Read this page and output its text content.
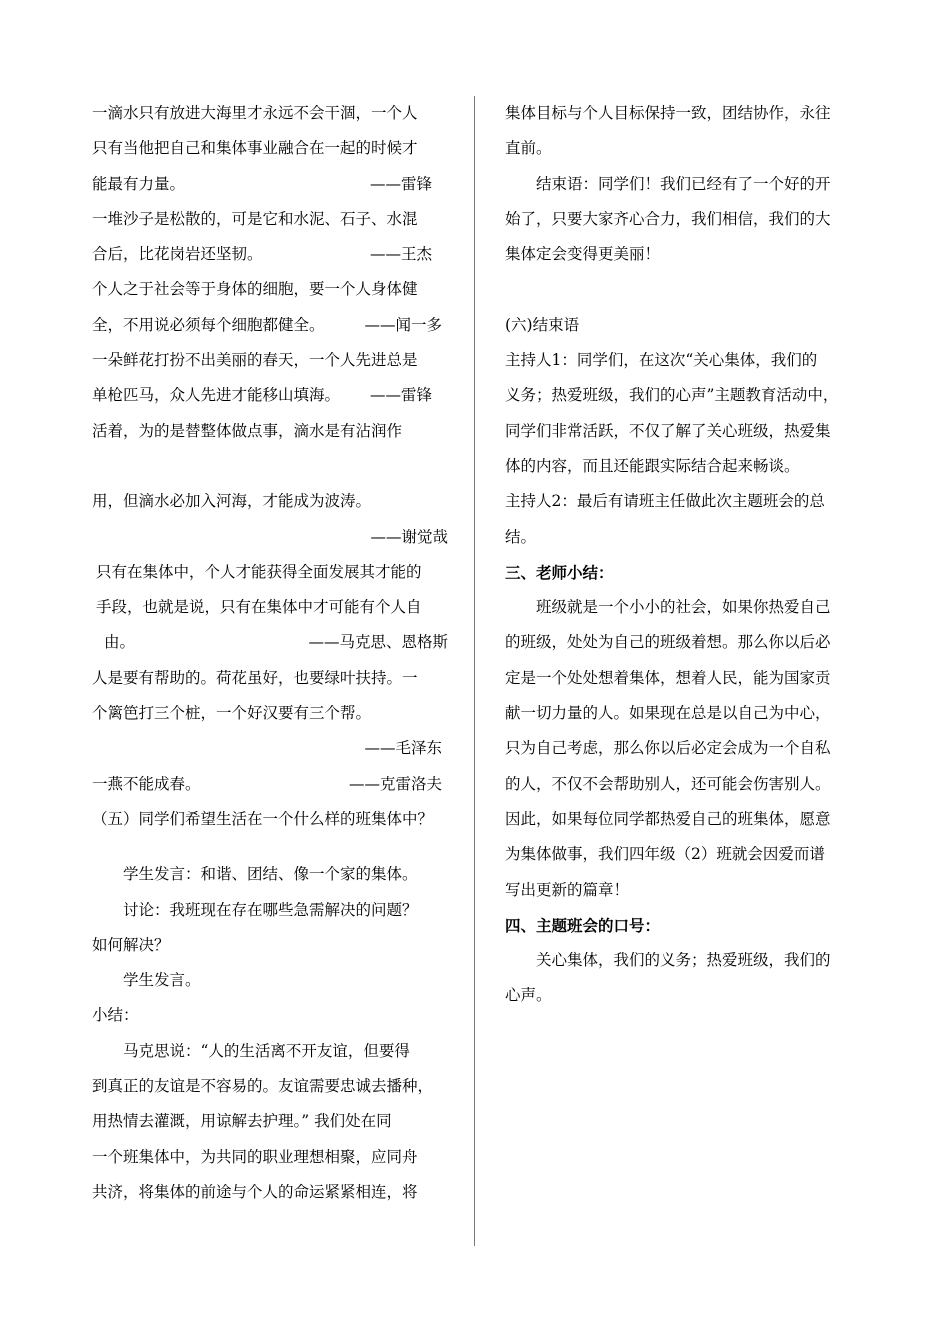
一滴水只有放进大海里才永远不会干涸，一个人
只有当他把自己和集体事业融合在一起的时候才
能最有力量。	——雷锋
一堆沙子是松散的，可是它和水泥、石子、水混
合后，比花岗岩还坚韧。	——王杰
个人之于社会等于身体的细胞，要一个人身体健
全，不用说必须每个细胞都健全。	——闻一多
一朵鲜花打扮不出美丽的春天，一个人先进总是
单枪匹马，众人先进才能移山填海。 ——雷锋
活着，为的是替整体做点事，滴水是有沾润作
用，但滴水必加入河海，才能成为波涛。
——谢觉哉
只有在集体中，个人才能获得全面发展其才能的
手段，也就是说，只有在集体中才可能有个人自
由。	——马克思、恩格斯
人是要有帮助的。荷花虽好，也要绿叶扶持。一
个篱笆打三个桩，一个好汉要有三个帮。
——毛泽东
一燕不能成春。	——克雷洛夫
（五）同学们希望生活在一个什么样的班集体中？
学生发言：和谐、团结、像一个家的集体。
讨论：我班现在存在哪些急需解决的问题？
如何解决？
学生发言。
小结：
马克思说：“人的生活离不开友谊，但要得
到真正的友谊是不容易的。友谊需要忠诚去播种，
用热情去灌溉，用谅解去护理。” 我们处在同
一个班集体中，为共同的职业理想相聚，应同舟
共济，将集体的前途与个人的命运紧紧相连，将
集体目标与个人目标保持一致，团结协作，永往
直前。
结束语：同学们！我们已经有了一个好的开
始了，只要大家齐心合力，我们相信，我们的大
集体定会变得更美丽！
(六)结束语
主持人1：同学们，在这次“关心集体，我们的
义务；热爱班级，我们的心声”主题教育活动中，
同学们非常活跃，不仅了解了关心班级，热爱集
体的内容，而且还能跟实际结合起来畅谈。
主持人2：最后有请班主任做此次主题班会的总
结。
三、老师小结：
班级就是一个小小的社会，如果你热爱自己
的班级，处处为自己的班级着想。那么你以后必
定是一个处处想着集体，想着人民，能为国家贡
献一切力量的人。如果现在总是以自己为中心，
只为自己考虑，那么你以后必定会成为一个自私
的人，不仅不会帮助别人，还可能会伤害别人。
因此，如果每位同学都热爱自己的班集体，愿意
为集体做事，我们四年级（2）班就会因爱而谱
写出更新的篇章！
四、主题班会的口号：
关心集体，我们的义务；热爱班级，我们的
心声。
